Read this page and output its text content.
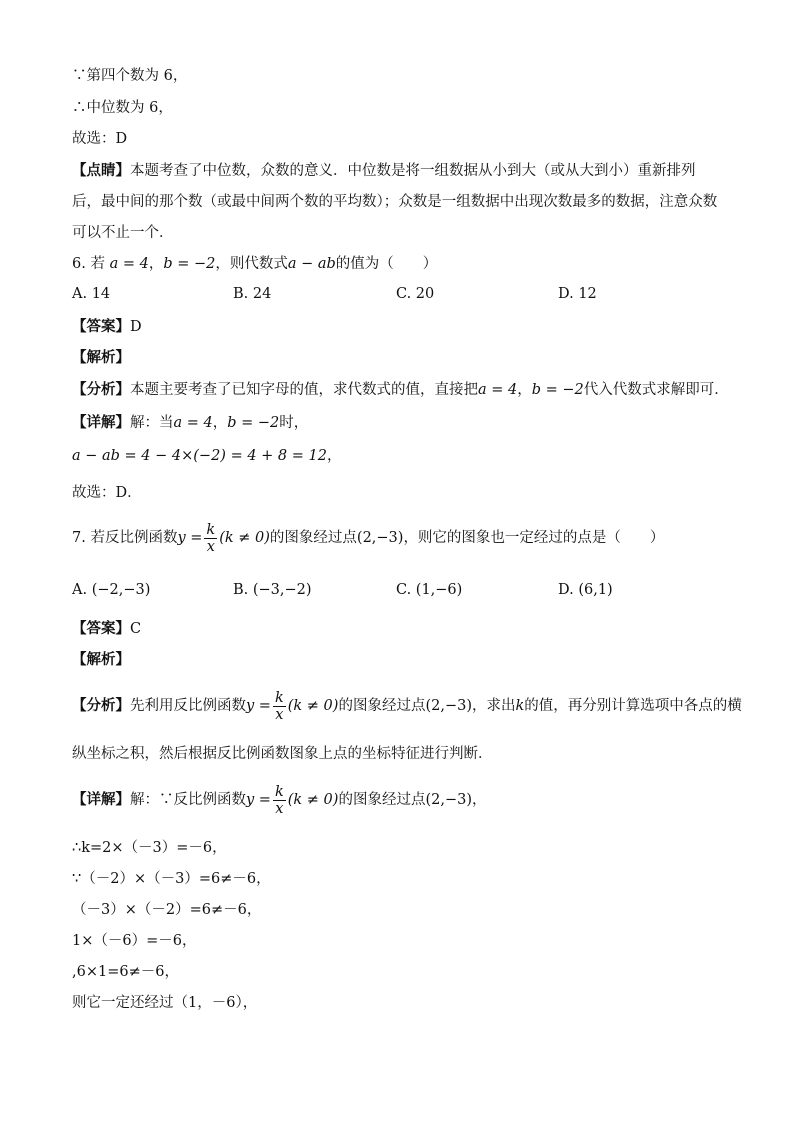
∵第四个数为 6，
∴中位数为 6，
故选：D
【点睛】本题考查了中位数，众数的意义．中位数是将一组数据从小到大（或从大到小）重新排列后，最中间的那个数（或最中间两个数的平均数）；众数是一组数据中出现次数最多的数据，注意众数可以不止一个．
6. 若 a = 4，b = −2，则代数式a − ab的值为（　　）
A. 14	B. 24	C. 20	D. 12
【答案】D
【解析】
【分析】本题主要考查了已知字母的值，求代数式的值，直接把a = 4，b = −2代入代数式求解即可．
【详解】解：当a = 4，b = −2时，
a − ab = 4 − 4×(−2) = 4 + 8 = 12，
故选：D．
7. 若反比例函数$y = \frac{k}{x} (k \ne 0)$的图象经过点(2,−3)，则它的图象也一定经过的点是（　　）
A. (−2,−3)	B. (−3,−2)	C. (1,−6)	D. (6,1)
【答案】C
【解析】
【分析】先利用反比例函数$y = \frac{k}{x} (k \ne 0)$的图象经过点(2,−3)，求出k的值，再分别计算选项中各点的横
纵坐标之积，然后根据反比例函数图象上点的坐标特征进行判断．
【详解】解：∵反比例函数$y = \frac{k}{x} (k \ne 0)$的图象经过点(2,−3)，
∴k=2×（－3）=－6，
∵（－2）×（－3）=6≠－6，
（－3）×（－2）=6≠－6，
1×（－6）=－6，
,6×1=6≠－6，
则它一定还经过（1，－6），
